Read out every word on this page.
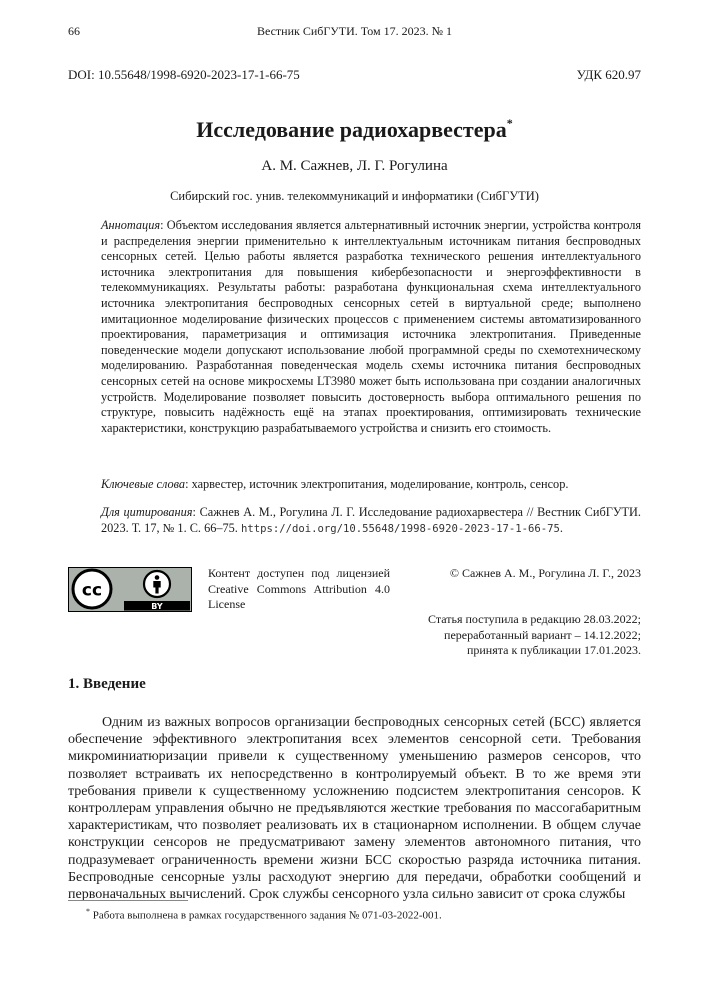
66	Вестник СибГУТИ. Том 17. 2023. № 1
DOI: 10.55648/1998-6920-2023-17-1-66-75	УДК 620.97
Исследование радиохарвестера*
А. М. Сажнев, Л. Г. Рогулина
Сибирский гос. унив. телекоммуникаций и информатики (СибГУТИ)
Аннотация: Объектом исследования является альтернативный источник энергии, устройства контроля и распределения энергии применительно к интеллектуальным источникам питания беспроводных сенсорных сетей. Целью работы является разработка технического решения интеллектуального источника электропитания для повышения кибербезопасности и энергоэффективности в телекоммуникациях. Результаты работы: разработана функциональная схема интеллектуального источника электропитания беспроводных сенсорных сетей в виртуальной среде; выполнено имитационное моделирование физических процессов с применением системы автоматизированного проектирования, параметризация и оптимизация источника электропитания. Приведенные поведенческие модели допускают использование любой программной среды по схемотехническому моделированию. Разработанная поведенческая модель схемы источника питания беспроводных сенсорных сетей на основе микросхемы LT3980 может быть использована при создании аналогичных устройств. Моделирование позволяет повысить достоверность выбора оптимального решения по структуре, повысить надёжность ещё на этапах проектирования, оптимизировать технические характеристики, конструкцию разрабатываемого устройства и снизить его стоимость.
Ключевые слова: харвестер, источник электропитания, моделирование, контроль, сенсор.
Для цитирования: Сажнев А. М., Рогулина Л. Г. Исследование радиохарвестера // Вестник СибГУТИ. 2023. Т. 17, № 1. С. 66–75. https://doi.org/10.55648/1998-6920-2023-17-1-66-75.
cc
BY
Контент доступен под лицензией Creative Commons Attribution 4.0 License
© Сажнев А. М., Рогулина Л. Г., 2023
Статья поступила в редакцию 28.03.2022;
переработанный вариант – 14.12.2022;
принята к публикации 17.01.2023.
1. Введение
Одним из важных вопросов организации беспроводных сенсорных сетей (БСС) является обеспечение эффективного электропитания всех элементов сенсорной сети. Требования микроминиатюризации привели к существенному уменьшению размеров сенсоров, что позволяет встраивать их непосредственно в контролируемый объект. В то же время эти требования привели к существенному усложнению подсистем электропитания сенсоров. К контроллерам управления обычно не предъявляются жесткие требования по массогабаритным характеристикам, что позволяет реализовать их в стационарном исполнении. В общем случае конструкции сенсоров не предусматривают замену элементов автономного питания, что подразумевает ограниченность времени жизни БСС скоростью разряда источника питания. Беспроводные сенсорные узлы расходуют энергию для передачи, обработки сообщений и первоначальных вычислений. Срок службы сенсорного узла сильно зависит от срока службы
* Работа выполнена в рамках государственного задания № 071-03-2022-001.
